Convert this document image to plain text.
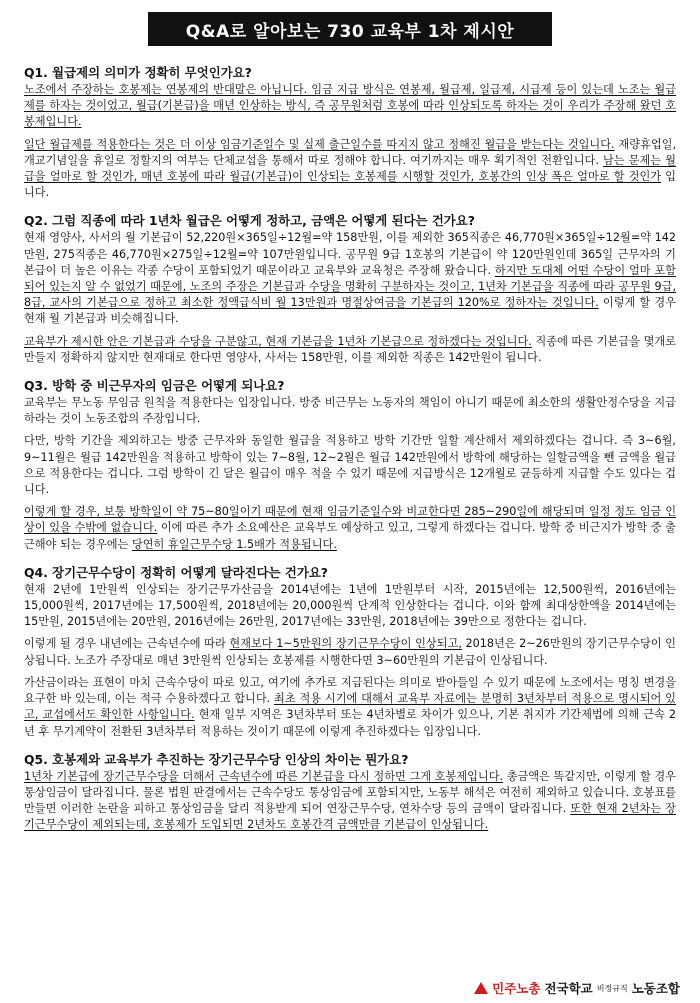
Q&A로 알아보는 730 교육부 1차 제시안
Q1. 월급제의 의미가 정확히 무엇인가요?
노조에서 주장하는 호봉제는 연봉제의 반대말은 아닙니다. 임금 지급 방식은 연봉제, 월급제, 일급제, 시급제 등이 있는데 노조는 월급제를 하자는 것이었고, 월급(기본급)을 매년 인상하는 방식, 즉 공무원처럼 호봉에 따라 인상되도록 하자는 것이 우리가 주장해 왔던 호봉제입니다.
일단 월급제를 적용한다는 것은 더 이상 임금기준일수 및 실제 출근일수를 따지지 않고 정해진 월급을 받는다는 것입니다. 재량휴업일, 개교기념일을 휴일로 정할지의 여부는 단체교섭을 통해서 따로 정해야 합니다. 여기까지는 매우 획기적인 전환입니다. 남는 문제는 월급을 얼마로 할 것인가, 매년 호봉에 따라 월급(기본급)이 인상되는 호봉제를 시행할 것인가, 호봉간의 인상 폭은 얼마로 할 것인가 입니다.
Q2. 그럼 직종에 따라 1년차 월급은 어떻게 정하고, 금액은 어떻게 된다는 건가요?
현재 영양사, 사서의 월 기본급이 52,220원×365일÷12월=약 158만원, 이를 제외한 365직종은 46,770원×365일÷12월=약 142만원, 275직종은 46,770원×275일÷12월=약 107만원입니다. 공무원 9급 1호봉의 기본급이 약 120만원인데 365일 근무자의 기본급이 더 높은 이유는 각종 수당이 포함되었기 때문이라고 교육부와 교육청은 주장해 왔습니다. 하지만 도대체 어떤 수당이 얼마 포함되어 있는지 알 수 없었기 때문에, 노조의 주장은 기본급과 수당을 명확히 구분하자는 것이고, 1년차 기본급을 직종에 따라 공무원 9급, 8급, 교사의 기본급으로 정하고 최소한 정액급식비 월 13만원과 명절상여금을 기본급의 120%로 정하자는 것입니다. 이렇게 할 경우 현재 월 기본급과 비슷해집니다.
교육부가 제시한 안은 기본급과 수당을 구분않고, 현재 기본급을 1년차 기본급으로 정하겠다는 것입니다. 직종에 따른 기본급을 몇개로 만들지 정확하지 않지만 현재대로 한다면 영양사, 사서는 158만원, 이를 제외한 직종은 142만원이 됩니다.
Q3. 방학 중 비근무자의 임금은 어떻게 되나요?
교육부는 무노동 무임금 원칙을 적용한다는 입장입니다. 방중 비근무는 노동자의 책임이 아니기 때문에 최소한의 생활안정수당을 지급하라는 것이 노동조합의 주장입니다.
다만, 방학 기간을 제외하고는 방중 근무자와 동일한 월급을 적용하고 방학 기간만 일할 계산해서 제외하겠다는 겁니다. 즉 3~6월, 9~11월은 월급 142만원을 적용하고 방학이 있는 7~8월, 12~2월은 월급 142만원에서 방학에 해당하는 일할금액을 뺀 금액을 월급으로 적용한다는 겁니다. 그럼 방학이 긴 달은 월급이 매우 적을 수 있기 때문에 지급방식은 12개월로 균등하게 지급할 수도 있다는 겁니다.
이렇게 할 경우, 보통 방학일이 약 75~80일이기 때문에 현재 임금기준일수와 비교한다면 285~290일에 해당되며 일정 정도 임금 인상이 있을 수밖에 없습니다. 이에 따른 추가 소요예산은 교육부도 예상하고 있고, 그렇게 하겠다는 겁니다. 방학 중 비근지가 방학 중 출근해야 되는 경우에는 당연히 휴일근무수당 1.5배가 적용됩니다.
Q4. 장기근무수당이 정확히 어떻게 달라진다는 건가요?
현재 2년에 1만원씩 인상되는 장기근무가산금을 2014년에는 1년에 1만원부터 시작, 2015년에는 12,500원씩, 2016년에는 15,000원씩, 2017년에는 17,500원씩, 2018년에는 20,000원씩 단계적 인상한다는 겁니다. 이와 함께 최대상한액을 2014년에는 15만원, 2015년에는 20만원, 2016년에는 26만원, 2017년에는 33만원, 2018년에는 39만으로 정한다는 겁니다.
이렇게 될 경우 내년에는 근속년수에 따라 현재보다 1~5만원의 장기근무수당이 인상되고, 2018년은 2~26만원의 장기근무수당이 인상됩니다. 노조가 주장대로 매년 3만원씩 인상되는 호봉제를 시행한다면 3~60만원의 기본급이 인상됩니다.
가산금이라는 표현이 마치 근속수당이 따로 있고, 여기에 추가로 지급된다는 의미로 받아들일 수 있기 때문에 노조에서는 명칭 변경을 요구한 바 있는데, 이는 적극 수용하겠다고 합니다. 최초 적용 시기에 대해서 교육부 자료에는 분명히 3년차부터 적용으로 명시되어 있고, 교섭에서도 확인한 사항입니다. 현재 일부 지역은 3년차부터 또는 4년차별로 차이가 있으나, 기본 취지가 기간제법에 의해 근속 2년 후 무기계약이 전환된 3년차부터 적용하는 것이기 때문에 이렇게 추진하겠다는 입장입니다.
Q5. 호봉제와 교육부가 추진하는 장기근무수당 인상의 차이는 뭔가요?
1년차 기본급에 장기근무수당을 더해서 근속년수에 따른 기본급을 다시 정하면 그게 호봉제입니다. 총금액은 똑같지만, 이렇게 할 경우 통상임금이 달라집니다. 물론 법원 판결에서는 근속수당도 통상임금에 포함되지만, 노동부 해석은 여전히 제외하고 있습니다. 호봉표를 만들면 이러한 논란을 피하고 통상임금을 달리 적용받게 되어 연장근무수당, 연차수당 등의 금액이 달라집니다. 또한 현재 2년차는 장기근무수당이 제외되는데, 호봉제가 도입되면 2년차도 호봉간격 금액만큼 기본급이 인상됩니다.
민주노총 전국학교 비정규직 노동조합
